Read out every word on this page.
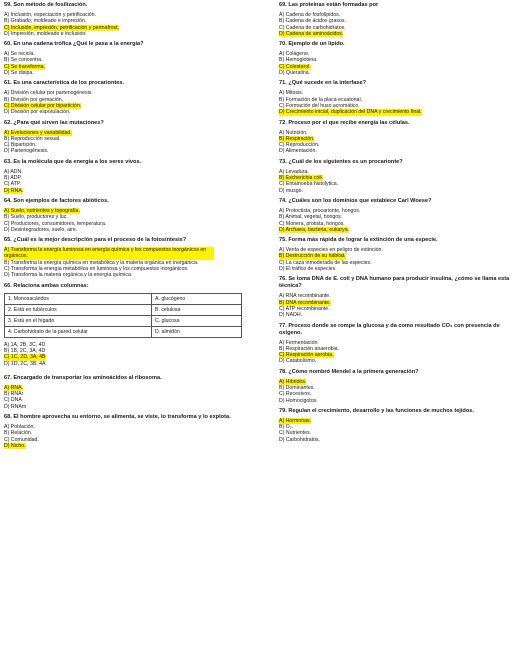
59. Son método de fosilización.
A) Inclusión, especiación y petrificación.
B) Grabado, moldeado e impresión.
C) Inclusión, impresión, petrificación y permafrost.
D) Impresión, moldeado e inclusión.
60. En una cadena trófica ¿Qué le pasa a la energía?
A) Se recicla.
B) Se concentra.
C) Se transforma.
D) Se disipa.
61. Es una característica de los procariontes.
A) División celular por partenogénesis.
B) División por gemación.
C) División celular por bipartición.
D) División por esporulación.
62. ¿Para qué sirven las mutaciones?
A) Evoluciones y variabilidad.
B) Reproducción sexual.
C) Bipartición.
D) Partenogénesis.
63. Es la molécula que da energía a los seres vivos.
A) ADN.
B) ADP.
C) ATP.
D) RNA.
64. Son ejemplos de factores abióticos.
A) Suelo, nutrientes y topografía.
B) Suelo, productores y luz.
C) Productores, consumidores, temperatura.
D) Desintegradores, suelo, aire.
65. ¿Cuál es la mejor descripción para el proceso de la fotosíntesis?
A) Transforma la energía luminosa en energía química y los compuestos inorgánicos en orgánicos.
B) Transforma la energía química en metabólica y la materia orgánica en inorgánica.
C) Transforma la energía metabólica en luminosa y los compuestos inorgánicos.
D) Transforma la materia orgánica y la energía química.
66. Relaciona ambas columnas:
1. Monosacáridos	A. glucógeno
2. Está en tubérculos	B. celulosa
3. Está en el hígado	C. glucosa
4. Carbohidrato de la pared celular	D. almidón
A) 1A, 2B, 3C, 4D
B) 1B, 2C, 3A, 4D
C) 1C, 2D, 3A, 4B
D) 1D, 2C, 3B, 4A
67. Encargado de transportar los aminoácidos al ribosoma.
A) RNA.
B) RNAr
C) DNA
D) RNAm
68. El hombre aprovecha su entorno, se alimenta, se viste, lo transforma y lo explota.
A) Población.
B) Relación.
C) Comunidad.
D) Nicho.
69. Las proteínas están formadas por
A) Cadena de fosfolípidos.
B) Cadena de ácidos grasos.
C) Cadena de carbohidratos.
D) Cadena de aminoácidos.
70. Ejemplo de un lípido.
A) Colágeno.
B) Hemoglobina.
C) Colesterol.
D) Queratina.
71. ¿Qué sucede en la interfase?
A) Mitosis.
B) Formación de la placa ecuatorial.
C) Formación del huso acromático.
D) Crecimiento inicial, duplicación del DNA y crecimiento final.
72. Proceso por el que recibe energía las células.
A) Nutrición.
B) Respiración.
C) Reproducción.
D) Alimentación.
73. ¿Cuál de los siguientes es un procarionte?
A) Levadura.
B) Escherichia coli.
C) Entamoeba histolytica.
D) musgo.
74. ¿Cuáles son los dominios que establece Carl Woese?
A) Protoctista, procarionte, hongos.
B) Animal, vegetal, hongos.
C) Monera, protista, hongos.
D) Archaea, bacteria, eukarya.
75. Forma más rápida de lograr la extinción de una especie.
A) Venta de especies en peligro de extinción.
B) Destrucción de su hábitat.
C) La caza inmoderada de las especies.
D) El tráfico de especies.
76. Se toma DNA de E. coli y DNA humano para producir insulina, ¿cómo se llama esta técnica?
A) RNA recombinante.
B) DNA recombinante.
C) ATP recombinante.
D) NADH.
77. Proceso donde se rompe la glucosa y da como resultado CO₂ con presencia de oxígeno.
A) Fermentación.
B) Respiración anaerobia.
C) Respiración aerobia.
D) Catabolismo.
78. ¿Cómo nombró Mendel a la primera generación?
A) Híbridos.
B) Dominantes.
C) Recesivos.
D) Homocigotos.
79. Regulan el crecimiento, desarrollo y las funciones de muchos tejidos.
A) Hormonas.
B) O₂.
C) Nutrientes.
D) Carbohidratos.
